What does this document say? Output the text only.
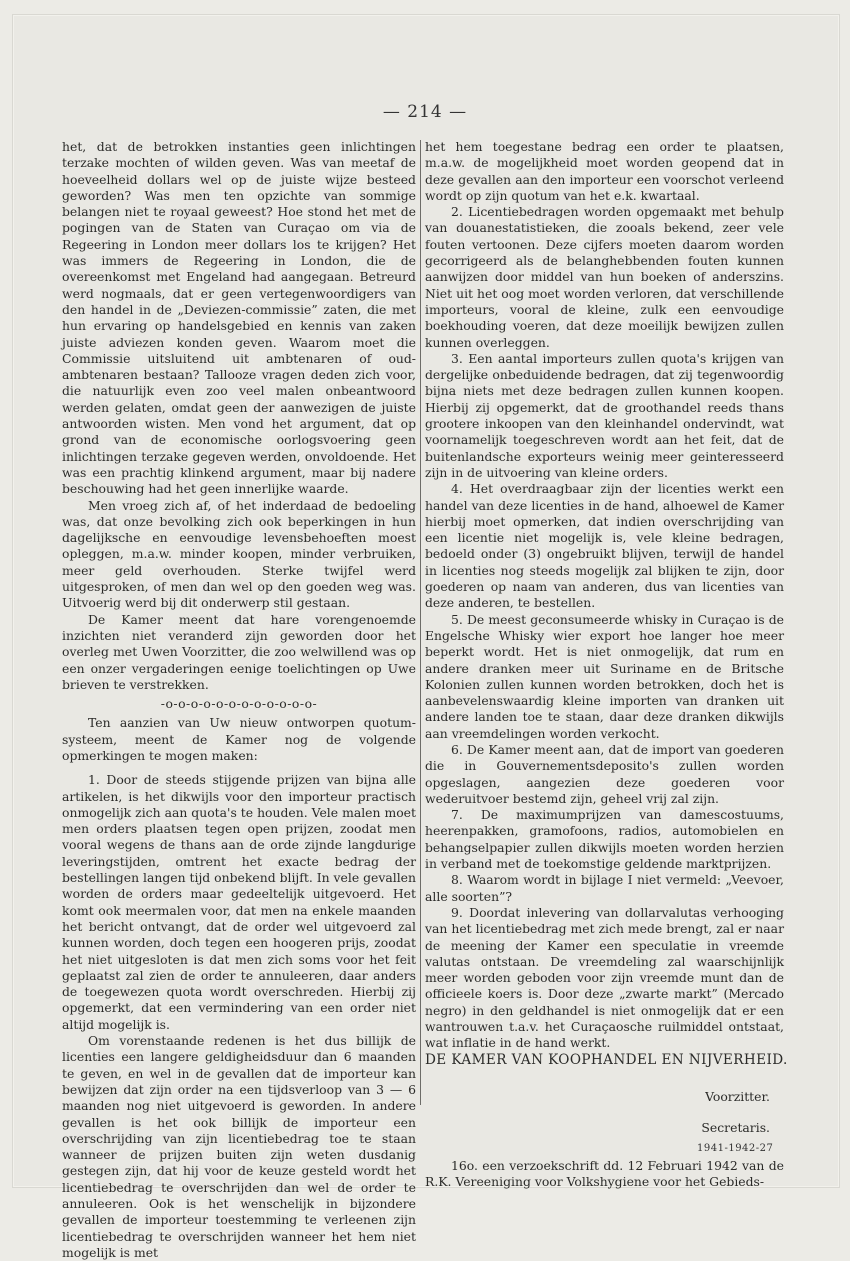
— 214 —

het, dat de betrokken instanties geen inlichtingen terzake mochten of wilden geven. Was van meetaf de hoeveelheid dollars wel op de juiste wijze besteed geworden? Was men ten opzichte van sommige belangen niet te royaal geweest? Hoe stond het met de pogingen van de Staten van Curaçao om via de Regeering in London meer dollars los te krijgen? Het was immers de Regeering in London, die de overeenkomst met Engeland had aangegaan. Betreurd werd nogmaals, dat er geen vertegenwoordigers van den handel in de „Deviezen-commissie” zaten, die met hun ervaring op handelsgebied en kennis van zaken juiste adviezen konden geven. Waarom moet die Commissie uitsluitend uit ambtenaren of oud-ambtenaren bestaan? Tallooze vragen deden zich voor, die natuurlijk even zoo veel malen onbeantwoord werden gelaten, omdat geen der aanwezigen de juiste antwoorden wisten. Men vond het argument, dat op grond van de economische oorlogsvoering geen inlichtingen terzake gegeven werden, onvoldoende. Het was een prachtig klinkend argument, maar bij nadere beschouwing had het geen innerlijke waarde.

Men vroeg zich af, of het inderdaad de bedoeling was, dat onze bevolking zich ook beperkingen in hun dagelijksche en eenvoudige levensbehoeften moest opleggen, m.a.w. minder koopen, minder verbruiken, meer geld overhouden. Sterke twijfel werd uitgesproken, of men dan wel op den goeden weg was. Uitvoerig werd bij dit onderwerp stil gestaan.

De Kamer meent dat hare vorengenoemde inzichten niet veranderd zijn geworden door het overleg met Uwen Voorzitter, die zoo welwillend was op een onzer vergaderingen eenige toelichtingen op Uwe brieven te verstrekken.

-o-o-o-o-o-o-o-o-o-o-o-o-

Ten aanzien van Uw nieuw ontworpen quotum-systeem, meent de Kamer nog de volgende opmerkingen te mogen maken:

1. Door de steeds stijgende prijzen van bijna alle artikelen, is het dikwijls voor den importeur practisch onmogelijk zich aan quota's te houden. Vele malen moet men orders plaatsen tegen open prijzen, zoodat men vooral wegens de thans aan de orde zijnde langdurige leveringstijden, omtrent het exacte bedrag der bestellingen langen tijd onbekend blijft. In vele gevallen worden de orders maar gedeeltelijk uitgevoerd. Het komt ook meermalen voor, dat men na enkele maanden het bericht ontvangt, dat de order wel uitgevoerd zal kunnen worden, doch tegen een hoogeren prijs, zoodat het niet uitgesloten is dat men zich soms voor het feit geplaatst zal zien de order te annuleeren, daar anders de toegewezen quota wordt overschreden. Hierbij zij opgemerkt, dat een vermindering van een order niet altijd mogelijk is.

Om vorenstaande redenen is het dus billijk de licenties een langere geldigheidsduur dan 6 maanden te geven, en wel in de gevallen dat de importeur kan bewijzen dat zijn order na een tijdsverloop van 3 — 6 maanden nog niet uitgevoerd is geworden. In andere gevallen is het ook billijk de importeur een overschrijding van zijn licentiebedrag toe te staan wanneer de prijzen buiten zijn weten dusdanig gestegen zijn, dat hij voor de keuze gesteld wordt het licentiebedrag te overschrijden dan wel de order te annuleeren. Ook is het wenschelijk in bijzondere gevallen de importeur toestemming te verleenen zijn licentiebedrag te overschrijden wanneer het hem niet mogelijk is met

het hem toegestane bedrag een order te plaatsen, m.a.w. de mogelijkheid moet worden geopend dat in deze gevallen aan den importeur een voorschot verleend wordt op zijn quotum van het e.k. kwartaal.

2. Licentiebedragen worden opgemaakt met behulp van douanestatistieken, die zooals bekend, zeer vele fouten vertoonen. Deze cijfers moeten daarom worden gecorrigeerd als de belanghebbenden fouten kunnen aanwijzen door middel van hun boeken of anderszins. Niet uit het oog moet worden verloren, dat verschillende importeurs, vooral de kleine, zulk een eenvoudige boekhouding voeren, dat deze moeilijk bewijzen zullen kunnen overleggen.

3. Een aantal importeurs zullen quota's krijgen van dergelijke onbeduidende bedragen, dat zij tegenwoordig bijna niets met deze bedragen zullen kunnen koopen. Hierbij zij opgemerkt, dat de groothandel reeds thans grootere inkoopen van den kleinhandel ondervindt, wat voornamelijk toegeschreven wordt aan het feit, dat de buitenlandsche exporteurs weinig meer geinteresseerd zijn in de uitvoering van kleine orders.

4. Het overdraagbaar zijn der licenties werkt een handel van deze licenties in de hand, alhoewel de Kamer hierbij moet opmerken, dat indien overschrijding van een licentie niet mogelijk is, vele kleine bedragen, bedoeld onder (3) ongebruikt blijven, terwijl de handel in licenties nog steeds mogelijk zal blijken te zijn, door goederen op naam van anderen, dus van licenties van deze anderen, te bestellen.

5. De meest geconsumeerde whisky in Curaçao is de Engelsche Whisky wier export hoe langer hoe meer beperkt wordt. Het is niet onmogelijk, dat rum en andere dranken meer uit Suriname en de Britsche Kolonien zullen kunnen worden betrokken, doch het is aanbevelenswaardig kleine importen van dranken uit andere landen toe te staan, daar deze dranken dikwijls aan vreemdelingen worden verkocht.

6. De Kamer meent aan, dat de import van goederen die in Gouvernementsdeposito's zullen worden opgeslagen, aangezien deze goederen voor wederuitvoer bestemd zijn, geheel vrij zal zijn.

7. De maximumprijzen van damescostuums, heerenpakken, gramofoons, radios, automobielen en behangselpapier zullen dikwijls moeten worden herzien in verband met de toekomstige geldende marktprijzen.

8. Waarom wordt in bijlage I niet vermeld: „Veevoer, alle soorten”?

9. Doordat inlevering van dollarvalutas verhooging van het licentiebedrag met zich mede brengt, zal er naar de meening der Kamer een speculatie in vreemde valutas ontstaan. De vreemdeling zal waarschijnlijk meer worden geboden voor zijn vreemde munt dan de officieele koers is. Door deze „zwarte markt” (Mercado negro) in den geldhandel is niet onmogelijk dat er een wantrouwen t.a.v. het Curaçaosche ruilmiddel ontstaat, wat inflatie in de hand werkt.

DE KAMER VAN KOOPHANDEL EN NIJVERHEID.

Voorzitter.

Secretaris.

16o. een verzoekschrift dd. 12 Februari 1942 van de R.K. Vereeniging voor Volkshygiene voor het Gebieds-

1941-1942-27
